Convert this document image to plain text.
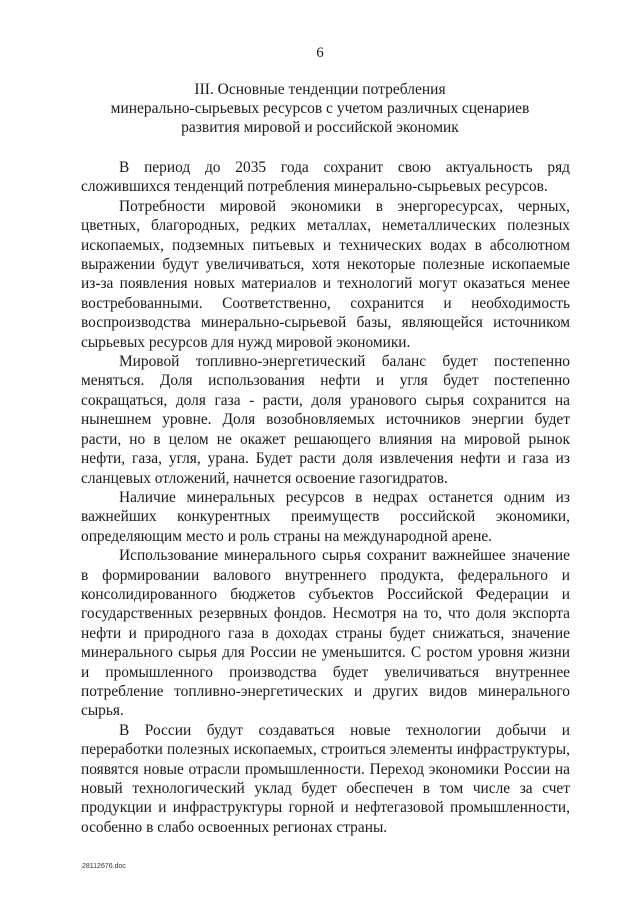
6
III. Основные тенденции потребления
минерально-сырьевых ресурсов с учетом различных сценариев
развития мировой и российской экономик

В период до 2035 года сохранит свою актуальность ряд сложившихся тенденций потребления минерально-сырьевых ресурсов.

Потребности мировой экономики в энергоресурсах, черных, цветных, благородных, редких металлах, неметаллических полезных ископаемых, подземных питьевых и технических водах в абсолютном выражении будут увеличиваться, хотя некоторые полезные ископаемые из-за появления новых материалов и технологий могут оказаться менее востребованными. Соответственно, сохранится и необходимость воспроизводства минерально-сырьевой базы, являющейся источником сырьевых ресурсов для нужд мировой экономики.

Мировой топливно-энергетический баланс будет постепенно меняться. Доля использования нефти и угля будет постепенно сокращаться, доля газа - расти, доля уранового сырья сохранится на нынешнем уровне. Доля возобновляемых источников энергии будет расти, но в целом не окажет решающего влияния на мировой рынок нефти, газа, угля, урана. Будет расти доля извлечения нефти и газа из сланцевых отложений, начнется освоение газогидратов.

Наличие минеральных ресурсов в недрах останется одним из важнейших конкурентных преимуществ российской экономики, определяющим место и роль страны на международной арене.

Использование минерального сырья сохранит важнейшее значение в формировании валового внутреннего продукта, федерального и консолидированного бюджетов субъектов Российской Федерации и государственных резервных фондов. Несмотря на то, что доля экспорта нефти и природного газа в доходах страны будет снижаться, значение минерального сырья для России не уменьшится. С ростом уровня жизни и промышленного производства будет увеличиваться внутреннее потребление топливно-энергетических и других видов минерального сырья.

В России будут создаваться новые технологии добычи и переработки полезных ископаемых, строиться элементы инфраструктуры, появятся новые отрасли промышленности. Переход экономики России на новый технологический уклад будет обеспечен в том числе за счет продукции и инфраструктуры горной и нефтегазовой промышленности, особенно в слабо освоенных регионах страны.

28112676.doc
